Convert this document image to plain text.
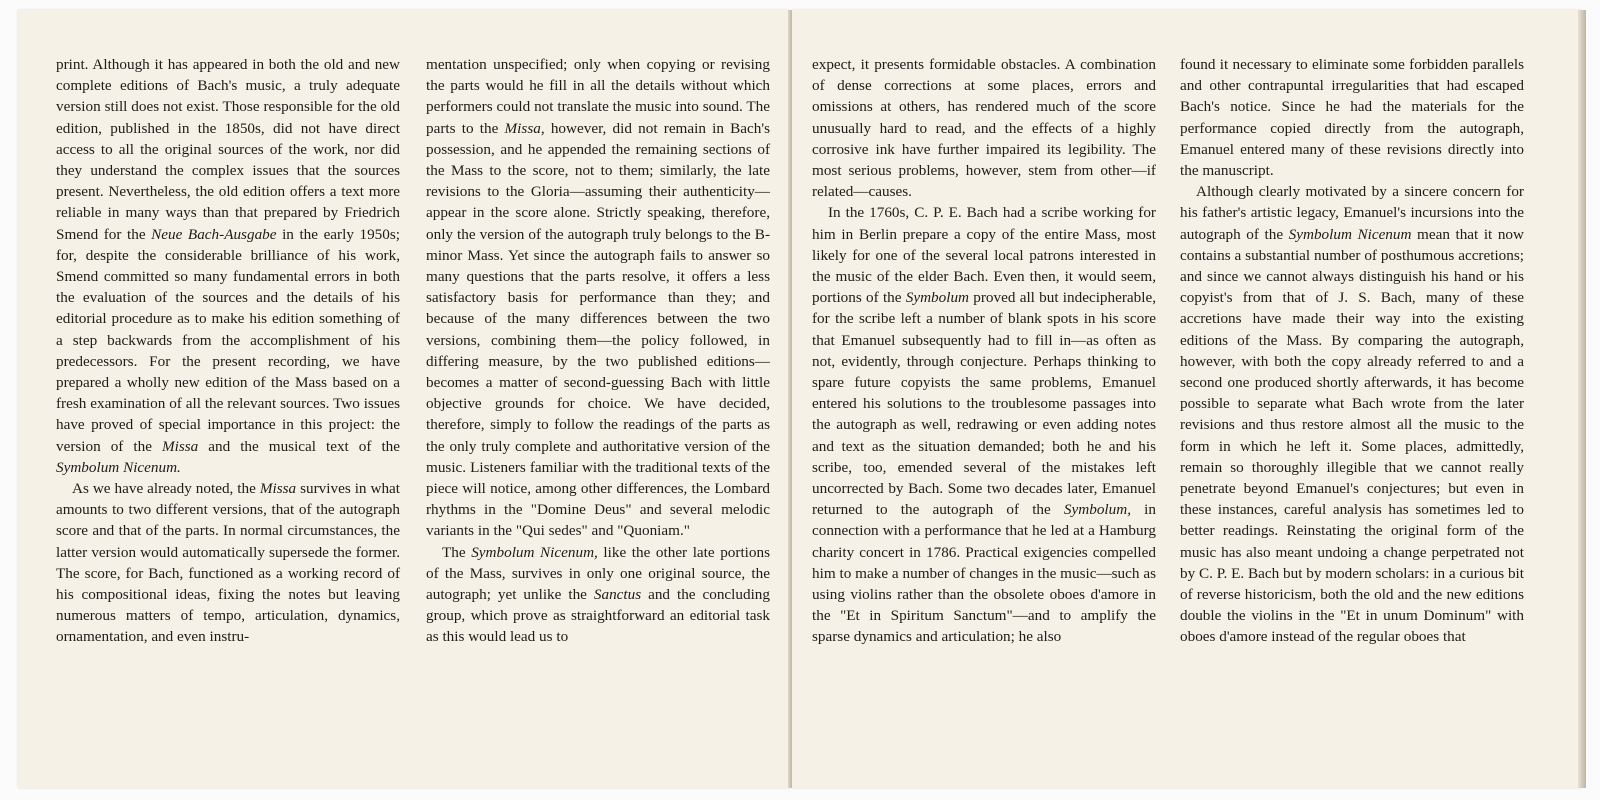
print. Although it has appeared in both the old and new complete editions of Bach's music, a truly adequate version still does not exist. Those responsible for the old edition, published in the 1850s, did not have direct access to all the original sources of the work, nor did they understand the complex issues that the sources present. Nevertheless, the old edition offers a text more reliable in many ways than that prepared by Friedrich Smend for the Neue Bach-Ausgabe in the early 1950s; for, despite the considerable brilliance of his work, Smend committed so many fundamental errors in both the evaluation of the sources and the details of his editorial procedure as to make his edition something of a step backwards from the accomplishment of his predecessors. For the present recording, we have prepared a wholly new edition of the Mass based on a fresh examination of all the relevant sources. Two issues have proved of special importance in this project: the version of the Missa and the musical text of the Symbolum Nicenum.

As we have already noted, the Missa survives in what amounts to two different versions, that of the autograph score and that of the parts. In normal circumstances, the latter version would automatically supersede the former. The score, for Bach, functioned as a working record of his compositional ideas, fixing the notes but leaving numerous matters of tempo, articulation, dynamics, ornamentation, and even instru-

mentation unspecified; only when copying or revising the parts would he fill in all the details without which performers could not translate the music into sound. The parts to the Missa, however, did not remain in Bach's possession, and he appended the remaining sections of the Mass to the score, not to them; similarly, the late revisions to the Gloria—assuming their authenticity—appear in the score alone. Strictly speaking, therefore, only the version of the autograph truly belongs to the B-minor Mass. Yet since the autograph fails to answer so many questions that the parts resolve, it offers a less satisfactory basis for performance than they; and because of the many differences between the two versions, combining them—the policy followed, in differing measure, by the two published editions—becomes a matter of second-guessing Bach with little objective grounds for choice. We have decided, therefore, simply to follow the readings of the parts as the only truly complete and authoritative version of the music. Listeners familiar with the traditional texts of the piece will notice, among other differences, the Lombard rhythms in the "Domine Deus" and several melodic variants in the "Qui sedes" and "Quoniam."

The Symbolum Nicenum, like the other late portions of the Mass, survives in only one original source, the autograph; yet unlike the Sanctus and the concluding group, which prove as straightforward an editorial task as this would lead us to

expect, it presents formidable obstacles. A combination of dense corrections at some places, errors and omissions at others, has rendered much of the score unusually hard to read, and the effects of a highly corrosive ink have further impaired its legibility. The most serious problems, however, stem from other—if related—causes.

In the 1760s, C. P. E. Bach had a scribe working for him in Berlin prepare a copy of the entire Mass, most likely for one of the several local patrons interested in the music of the elder Bach. Even then, it would seem, portions of the Symbolum proved all but indecipherable, for the scribe left a number of blank spots in his score that Emanuel subsequently had to fill in—as often as not, evidently, through conjecture. Perhaps thinking to spare future copyists the same problems, Emanuel entered his solutions to the troublesome passages into the autograph as well, redrawing or even adding notes and text as the situation demanded; both he and his scribe, too, emended several of the mistakes left uncorrected by Bach. Some two decades later, Emanuel returned to the autograph of the Symbolum, in connection with a performance that he led at a Hamburg charity concert in 1786. Practical exigencies compelled him to make a number of changes in the music—such as using violins rather than the obsolete oboes d'amore in the "Et in Spiritum Sanctum"—and to amplify the sparse dynamics and articulation; he also

found it necessary to eliminate some forbidden parallels and other contrapuntal irregularities that had escaped Bach's notice. Since he had the materials for the performance copied directly from the autograph, Emanuel entered many of these revisions directly into the manuscript.

Although clearly motivated by a sincere concern for his father's artistic legacy, Emanuel's incursions into the autograph of the Symbolum Nicenum mean that it now contains a substantial number of posthumous accretions; and since we cannot always distinguish his hand or his copyist's from that of J. S. Bach, many of these accretions have made their way into the existing editions of the Mass. By comparing the autograph, however, with both the copy already referred to and a second one produced shortly afterwards, it has become possible to separate what Bach wrote from the later revisions and thus restore almost all the music to the form in which he left it. Some places, admittedly, remain so thoroughly illegible that we cannot really penetrate beyond Emanuel's conjectures; but even in these instances, careful analysis has sometimes led to better readings. Reinstating the original form of the music has also meant undoing a change perpetrated not by C. P. E. Bach but by modern scholars: in a curious bit of reverse historicism, both the old and the new editions double the violins in the "Et in unum Dominum" with oboes d'amore instead of the regular oboes that
